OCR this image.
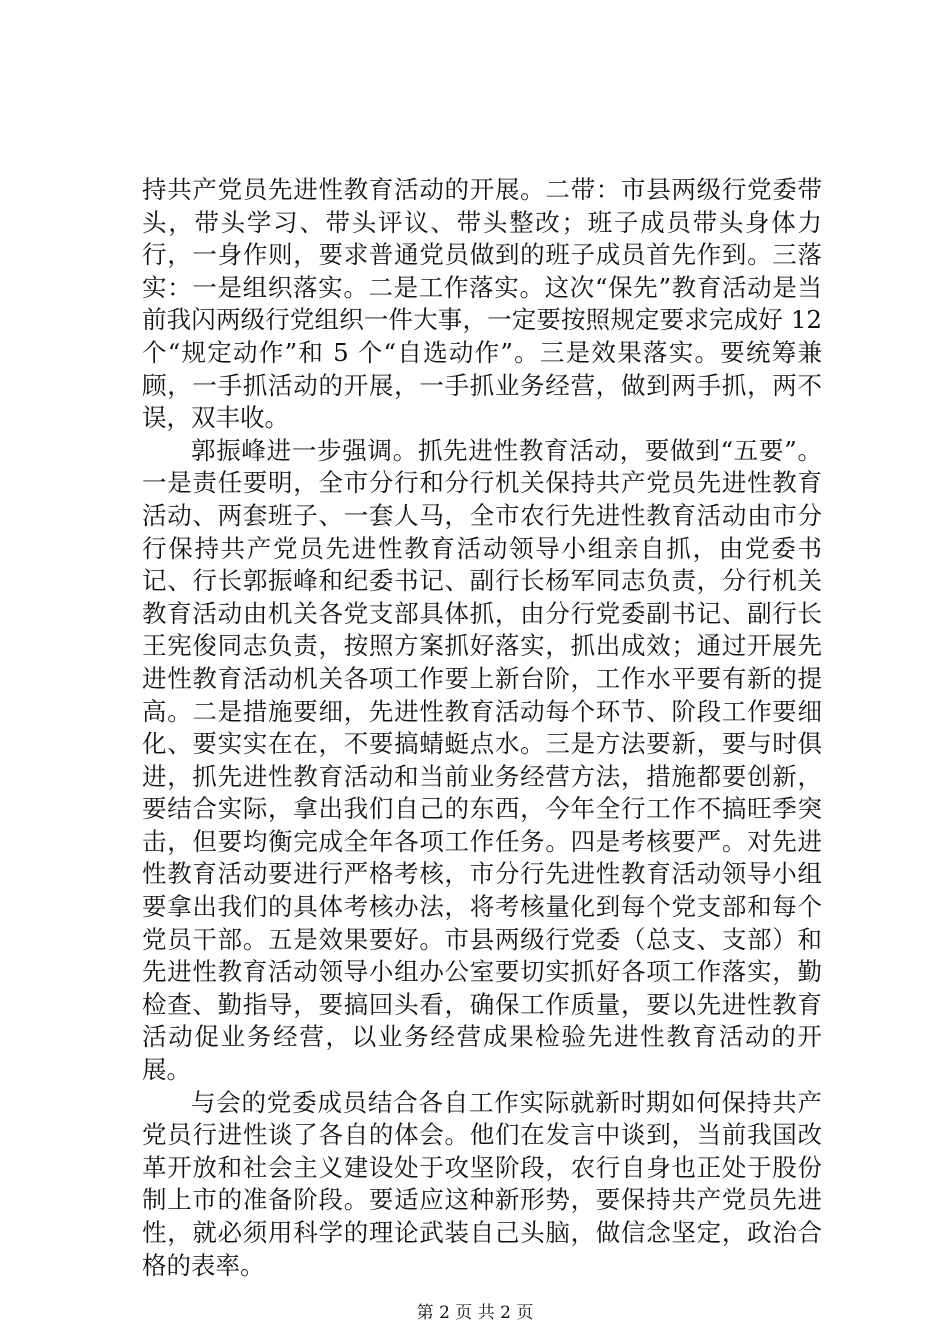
持共产党员先进性教育活动的开展。二带：市县两级行党委带头，带头学习、带头评议、带头整改；班子成员带头身体力行，一身作则，要求普通党员做到的班子成员首先作到。三落实：一是组织落实。二是工作落实。这次“保先”教育活动是当前我闪两级行党组织一件大事，一定要按照规定要求完成好 12 个“规定动作”和 5 个“自选动作”。三是效果落实。要统筹兼顾，一手抓活动的开展，一手抓业务经营，做到两手抓，两不误，双丰收。

郭振峰进一步强调。抓先进性教育活动，要做到“五要”。一是责任要明，全市分行和分行机关保持共产党员先进性教育活动、两套班子、一套人马，全市农行先进性教育活动由市分行保持共产党员先进性教育活动领导小组亲自抓，由党委书记、行长郭振峰和纪委书记、副行长杨军同志负责，分行机关教育活动由机关各党支部具体抓，由分行党委副书记、副行长王宪俊同志负责，按照方案抓好落实，抓出成效；通过开展先进性教育活动机关各项工作要上新台阶，工作水平要有新的提高。二是措施要细，先进性教育活动每个环节、阶段工作要细化、要实实在在，不要搞蜻蜓点水。三是方法要新，要与时俱进，抓先进性教育活动和当前业务经营方法，措施都要创新，要结合实际，拿出我们自己的东西，今年全行工作不搞旺季突击，但要均衡完成全年各项工作任务。四是考核要严。对先进性教育活动要进行严格考核，市分行先进性教育活动领导小组要拿出我们的具体考核办法，将考核量化到每个党支部和每个党员干部。五是效果要好。市县两级行党委（总支、支部）和先进性教育活动领导小组办公室要切实抓好各项工作落实，勤检查、勤指导，要搞回头看，确保工作质量，要以先进性教育活动促业务经营，以业务经营成果检验先进性教育活动的开展。

与会的党委成员结合各自工作实际就新时期如何保持共产党员行进性谈了各自的体会。他们在发言中谈到，当前我国改革开放和社会主义建设处于攻坚阶段，农行自身也正处于股份制上市的准备阶段。要适应这种新形势，要保持共产党员先进性，就必须用科学的理论武装自己头脑，做信念坚定，政治合格的表率。

第 2 页 共 2 页
